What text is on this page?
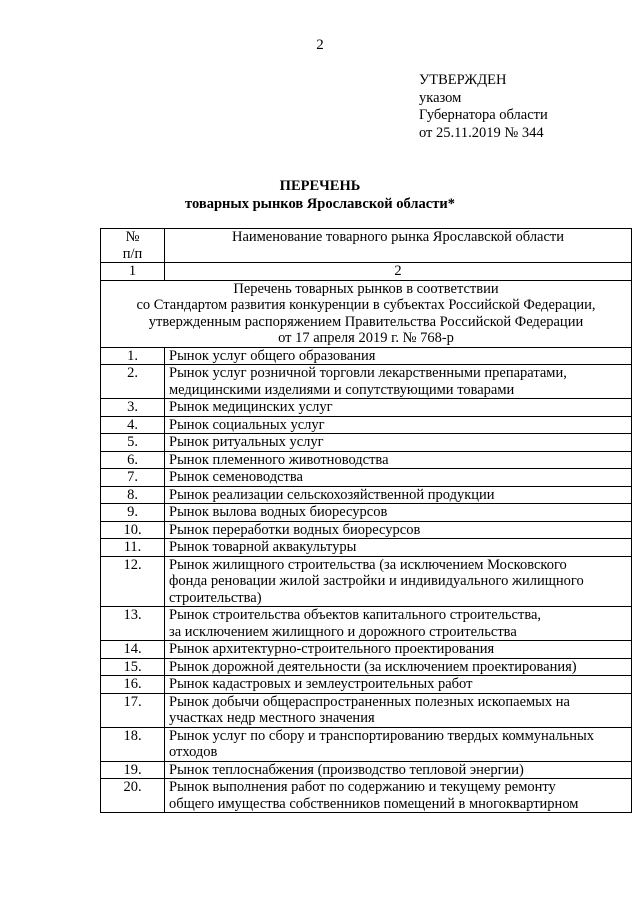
2
УТВЕРЖДЕН
указом
Губернатора области
от 25.11.2019 № 344
ПЕРЕЧЕНЬ
товарных рынков Ярославской области*
№
п/п	Наименование товарного рынка Ярославской области
1	2
Перечень товарных рынков в соответствии
со Стандартом развития конкуренции в субъектах Российской Федерации,
утвержденным распоряжением Правительства Российской Федерации
от 17 апреля 2019 г. № 768-р	
1.	Рынок услуг общего образования
2.	Рынок услуг розничной торговли лекарственными препаратами,
медицинскими изделиями и сопутствующими товарами
3.	Рынок медицинских услуг
4.	Рынок социальных услуг
5.	Рынок ритуальных услуг
6.	Рынок племенного животноводства
7.	Рынок семеноводства
8.	Рынок реализации сельскохозяйственной продукции
9.	Рынок вылова водных биоресурсов
10.	Рынок переработки водных биоресурсов
11.	Рынок товарной аквакультуры
12.	Рынок жилищного строительства (за исключением Московского
фонда реновации жилой застройки и индивидуального жилищного
строительства)
13.	Рынок строительства объектов капитального строительства,
за исключением жилищного и дорожного строительства
14.	Рынок архитектурно-строительного проектирования
15.	Рынок дорожной деятельности (за исключением проектирования)
16.	Рынок кадастровых и землеустроительных работ
17.	Рынок добычи общераспространенных полезных ископаемых на
участках недр местного значения
18.	Рынок услуг по сбору и транспортированию твердых коммунальных
отходов
19.	Рынок теплоснабжения (производство тепловой энергии)
20.	Рынок выполнения работ по содержанию и текущему ремонту
общего имущества собственников помещений в многоквартирном
